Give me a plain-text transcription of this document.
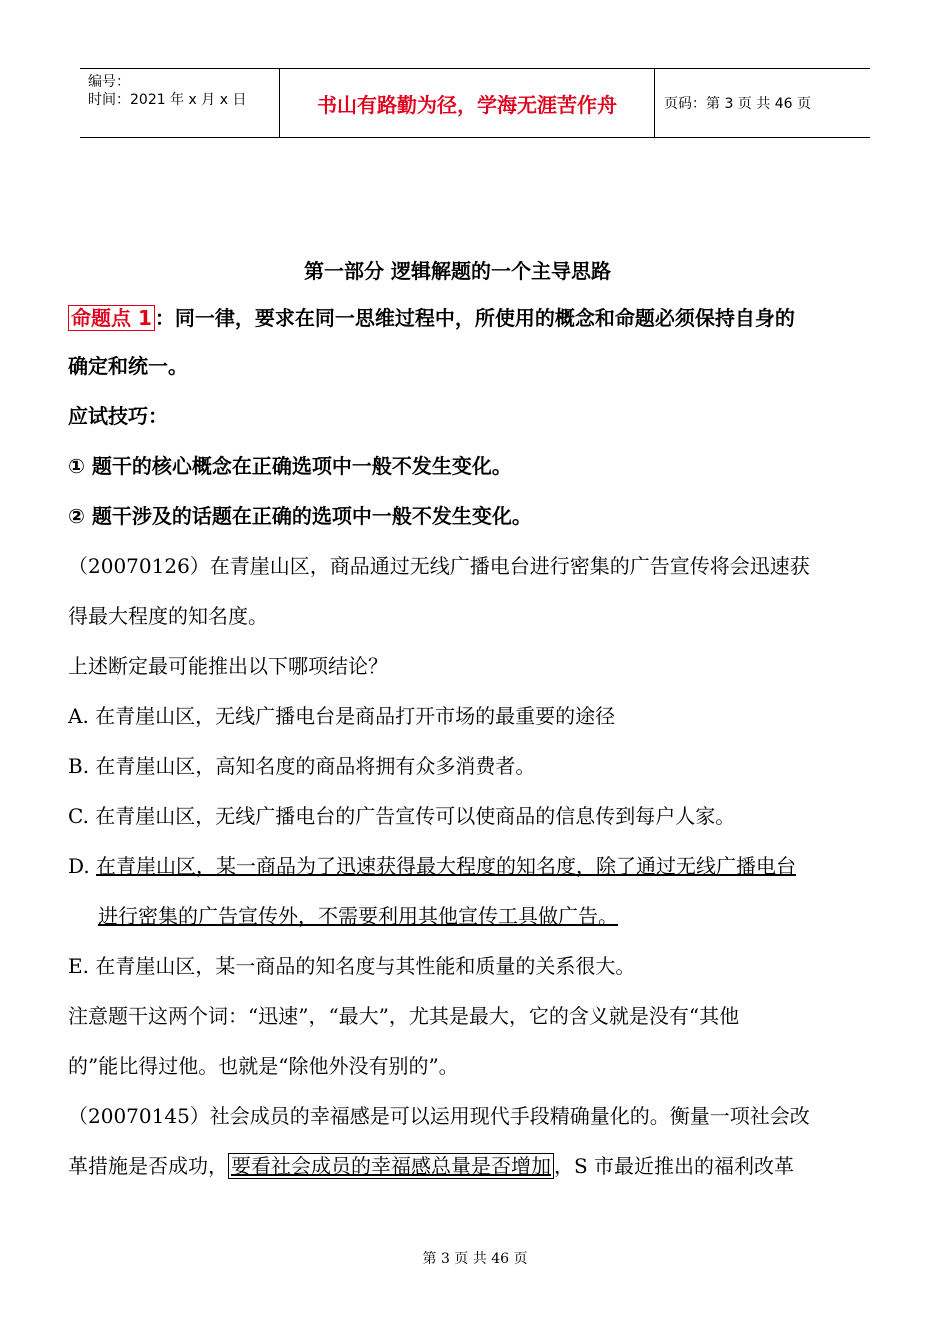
编号：
时间：2021 年 x 月 x 日	书山有路勤为径，学海无涯苦作舟	页码：第 3 页 共 46 页
第一部分 逻辑解题的一个主导思路
命题点 1 ：同一律，要求在同一思维过程中，所使用的概念和命题必须保持自身的
确定和统一。
应试技巧：
① 题干的核心概念在正确选项中一般不发生变化。
② 题干涉及的话题在正确的选项中一般不发生变化。
（20070126）在青崖山区，商品通过无线广播电台进行密集的广告宣传将会迅速获
得最大程度的知名度。
上述断定最可能推出以下哪项结论？
A. 在青崖山区，无线广播电台是商品打开市场的最重要的途径
B. 在青崖山区，高知名度的商品将拥有众多消费者。
C. 在青崖山区，无线广播电台的广告宣传可以使商品的信息传到每户人家。
D. 在青崖山区，某一商品为了迅速获得最大程度的知名度，除了通过无线广播电台
进行密集的广告宣传外，不需要利用其他宣传工具做广告。
E. 在青崖山区，某一商品的知名度与其性能和质量的关系很大。
注意题干这两个词：“迅速”，“最大”，尤其是最大，它的含义就是没有“其他
的”能比得过他。也就是“除他外没有别的”。
（20070145）社会成员的幸福感是可以运用现代手段精确量化的。衡量一项社会改
革措施是否成功， 要看社会成员的幸福感总量是否增加 ，S 市最近推出的福利改革
第 3 页 共 46 页
